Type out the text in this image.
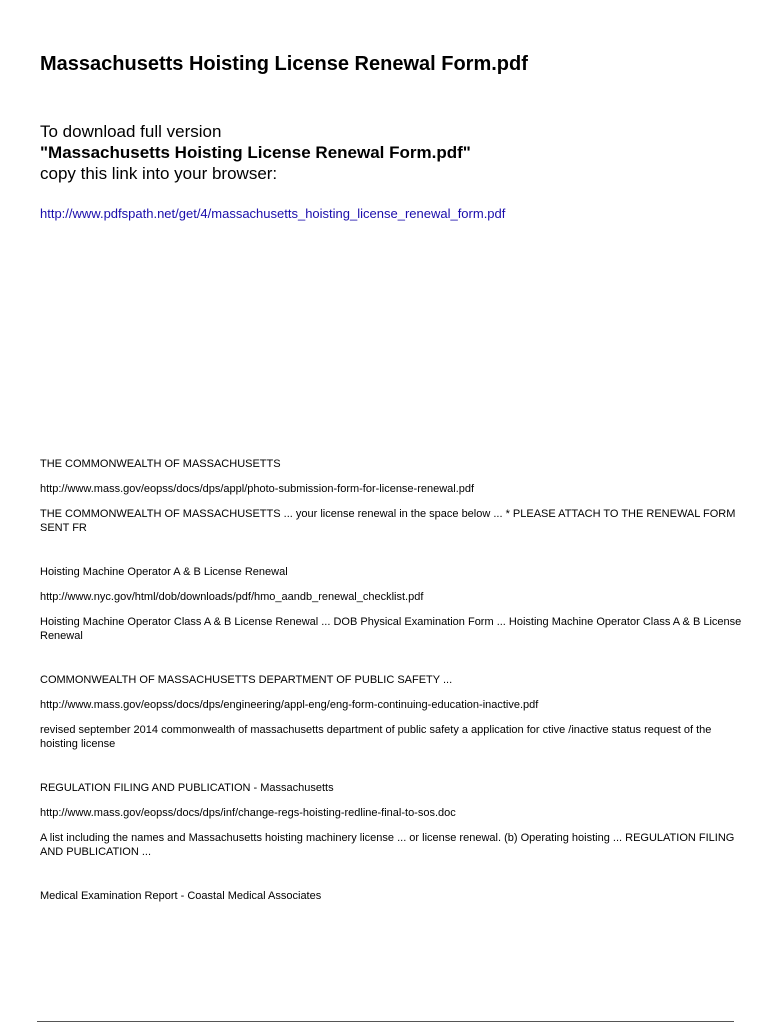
Massachusetts Hoisting License Renewal Form.pdf
To download full version
"Massachusetts Hoisting License Renewal Form.pdf"
copy this link into your browser:
http://www.pdfspath.net/get/4/massachusetts_hoisting_license_renewal_form.pdf

THE COMMONWEALTH OF MASSACHUSETTS

http://www.mass.gov/eopss/docs/dps/appl/photo-submission-form-for-license-renewal.pdf

THE COMMONWEALTH OF MASSACHUSETTS ... your license renewal in the space below ... * PLEASE ATTACH TO THE RENEWAL FORM SENT FR

Hoisting Machine Operator A & B License Renewal

http://www.nyc.gov/html/dob/downloads/pdf/hmo_aandb_renewal_checklist.pdf

Hoisting Machine Operator Class A & B License Renewal ... DOB Physical Examination Form ... Hoisting Machine Operator Class A & B License Renewal

COMMONWEALTH OF MASSACHUSETTS DEPARTMENT OF PUBLIC SAFETY ...

http://www.mass.gov/eopss/docs/dps/engineering/appl-eng/eng-form-continuing-education-inactive.pdf

revised september 2014 commonwealth of massachusetts department of public safety a application for ctive /inactive status request of the hoisting license

REGULATION FILING AND PUBLICATION - Massachusetts

http://www.mass.gov/eopss/docs/dps/inf/change-regs-hoisting-redline-final-to-sos.doc

A list including the names and Massachusetts hoisting machinery license ... or license renewal. (b) Operating hoisting ... REGULATION FILING AND PUBLICATION ...

Medical Examination Report - Coastal Medical Associates
